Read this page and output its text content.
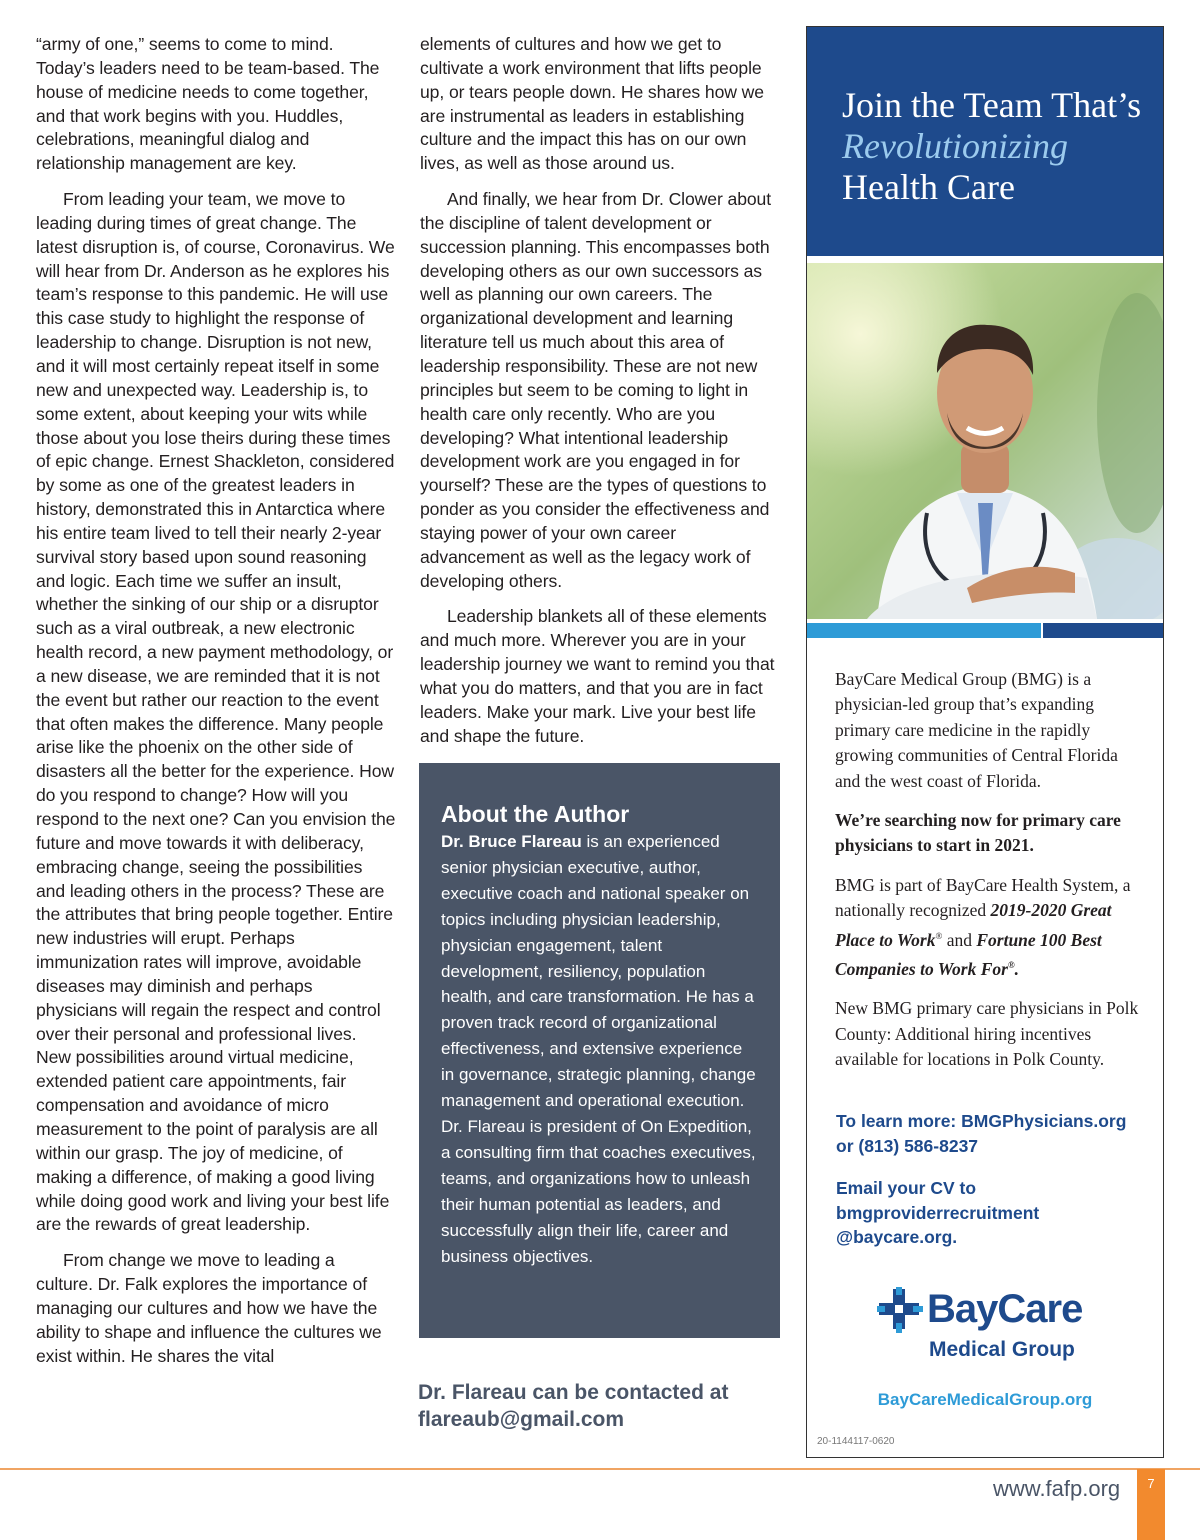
“army of one,” seems to come to mind. Today’s leaders need to be team-based. The house of medicine needs to come together, and that work begins with you. Huddles, celebrations, meaningful dialog and relationship management are key.

From leading your team, we move to leading during times of great change. The latest disruption is, of course, Coronavirus. We will hear from Dr. Anderson as he explores his team’s response to this pandemic. He will use this case study to highlight the response of leadership to change. Disruption is not new, and it will most certainly repeat itself in some new and unexpected way. Leadership is, to some extent, about keeping your wits while those about you lose theirs during these times of epic change. Ernest Shackleton, considered by some as one of the greatest leaders in history, demonstrated this in Antarctica where his entire team lived to tell their nearly 2-year survival story based upon sound reasoning and logic. Each time we suffer an insult, whether the sinking of our ship or a disruptor such as a viral outbreak, a new electronic health record, a new payment methodology, or a new disease, we are reminded that it is not the event but rather our reaction to the event that often makes the difference. Many people arise like the phoenix on the other side of disasters all the better for the experience. How do you respond to change? How will you respond to the next one? Can you envision the future and move towards it with deliberacy, embracing change, seeing the possibilities and leading others in the process? These are the attributes that bring people together. Entire new industries will erupt. Perhaps immunization rates will improve, avoidable diseases may diminish and perhaps physicians will regain the respect and control over their personal and professional lives. New possibilities around virtual medicine, extended patient care appointments, fair compensation and avoidance of micro measurement to the point of paralysis are all within our grasp. The joy of medicine, of making a difference, of making a good living while doing good work and living your best life are the rewards of great leadership.

From change we move to leading a culture. Dr. Falk explores the importance of managing our cultures and how we have the ability to shape and influence the cultures we exist within. He shares the vital

elements of cultures and how we get to cultivate a work environment that lifts people up, or tears people down. He shares how we are instrumental as leaders in establishing culture and the impact this has on our own lives, as well as those around us.

And finally, we hear from Dr. Clower about the discipline of talent development or succession planning. This encompasses both developing others as our own successors as well as planning our own careers. The organizational development and learning literature tell us much about this area of leadership responsibility. These are not new principles but seem to be coming to light in health care only recently. Who are you developing? What intentional leadership development work are you engaged in for yourself? These are the types of questions to ponder as you consider the effectiveness and staying power of your own career advancement as well as the legacy work of developing others.

Leadership blankets all of these elements and much more. Wherever you are in your leadership journey we want to remind you that what you do matters, and that you are in fact leaders. Make your mark. Live your best life and shape the future.

About the Author

Dr. Bruce Flareau is an experienced senior physician executive, author, executive coach and national speaker on topics including physician leadership, physician engagement, talent development, resiliency, population health, and care transformation. He has a proven track record of organizational effectiveness, and extensive experience in governance, strategic planning, change management and operational execution. Dr. Flareau is president of On Expedition, a consulting firm that coaches executives, teams, and organizations how to unleash their human potential as leaders, and successfully align their life, career and business objectives.

Dr. Flareau can be contacted at
flareaub@gmail.com
Join the Team That’s
Revolutionizing
Health Care

BayCare Medical Group (BMG) is a physician-led group that’s expanding primary care medicine in the rapidly growing communities of Central Florida and the west coast of Florida.

We’re searching now for primary care physicians to start in 2021.

BMG is part of BayCare Health System, a nationally recognized 2019-2020 Great Place to Work® and Fortune 100 Best Companies to Work For®.

New BMG primary care physicians in Polk County: Additional hiring incentives available for locations in Polk County.

To learn more: BMGPhysicians.org
or (813) 586-8237

Email your CV to
bmgproviderrecruitment
@baycare.org.

BayCare
Medical Group
BayCareMedicalGroup.org
20-1144117-0620
www.fafp.org	7
